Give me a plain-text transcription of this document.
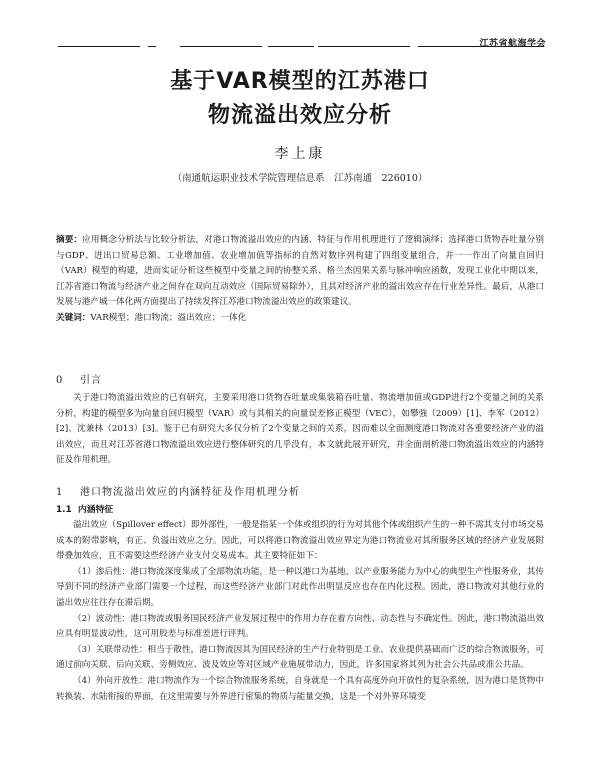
江苏省航海学会
基于VAR模型的江苏港口
物流溢出效应分析
李上康
（南通航运职业技术学院管理信息系　江苏南通　226010）

摘要：应用概念分析法与比较分析法，对港口物流溢出效应的内涵、特征与作用机理进行了逻辑演绎；选择港口货物吞吐量分别与GDP、进出口贸易总额、工业增加值、农业增加值等指标的自然对数序列构建了四组变量组合，并一一作出了向量自回归（VAR）模型的构建，进而实证分析这些模型中变量之间的协整关系、格兰杰因果关系与脉冲响应函数，发现工业化中期以来，江苏省港口物流与经济产业之间存在双向互动效应（国际贸易除外），且其对经济产业的溢出效应存在行业差异性。最后，从港口发展与港产城一体化两方面提出了持续发挥江苏港口物流溢出效应的政策建议。

关键词：VAR模型；港口物流；溢出效应；一体化

0 引言

关于港口物流溢出效应的已有研究，主要采用港口货物吞吐量或集装箱吞吐量、物流增加值或GDP进行2个变量之间的关系分析，构建的模型多为向量自回归模型（VAR）或与其相关的向量误差修正模型（VEC），如攀強（2009）[1]、李军（2012）[2]、沈兼林（2013）[3]。鉴于已有研究大多仅分析了2个变量之间的关系，因而难以全面测度港口物流对各重要经济产业的溢出效应，而且对江苏省港口物流溢出效应进行整体研究的几乎没有，本文就此展开研究，并全面剖析港口物流溢出效应的内涵特征及作用机理。

1 港口物流溢出效应的内涵特征及作用机理分析
1.1 内涵特征

溢出效应（Spillover effect）即外部性，一般是指某一个体或组织的行为对其他个体或组织产生的一种不需其支付市场交易成本的附带影响，有正、负溢出效应之分。因此，可以将港口物流溢出效应界定为港口物流业对其所服务区域的经济产业发展附带叠加效应，且不需要这些经济产业支付交易成本。其主要特征如下：

（1）渗后性：港口物流深度集成了全部物流功能，是一种以港口为基地，以产业服务能力为中心的典型生产性服务业，其传导到不同的经济产业部门需要一个过程，而这些经济产业部门对此作出明显反应也存在内化过程。因此，港口物流对其他行业的溢出效应往往存在滞后期。

（2）波动性：港口物流或服务国民经济产业发展过程中的作用力存在着方向性、动态性与不确定性。因此，港口物流溢出效应具有明显波动性，这可用胶差与标准差进行评判。

（3）关联带动性：相当于散性，港口物流因其为国民经济的生产行业特别是工业、农业提供基础而广泛的综合物流服务，可通过前向关联、后向关联、旁侧效应、波及效应等对区域产业施展带动力，因此，许多国家将其列为社会公共品或准公共品。

（4）外向开放性：港口物流作为一个综合物流服务系统，自身就是一个具有高度外向开放性的复杂系统，因为港口是货物中转换装、水陆衔接的界面，在这里需要与外界进行密集的物质与能量交换，这是一个对外界环境变
